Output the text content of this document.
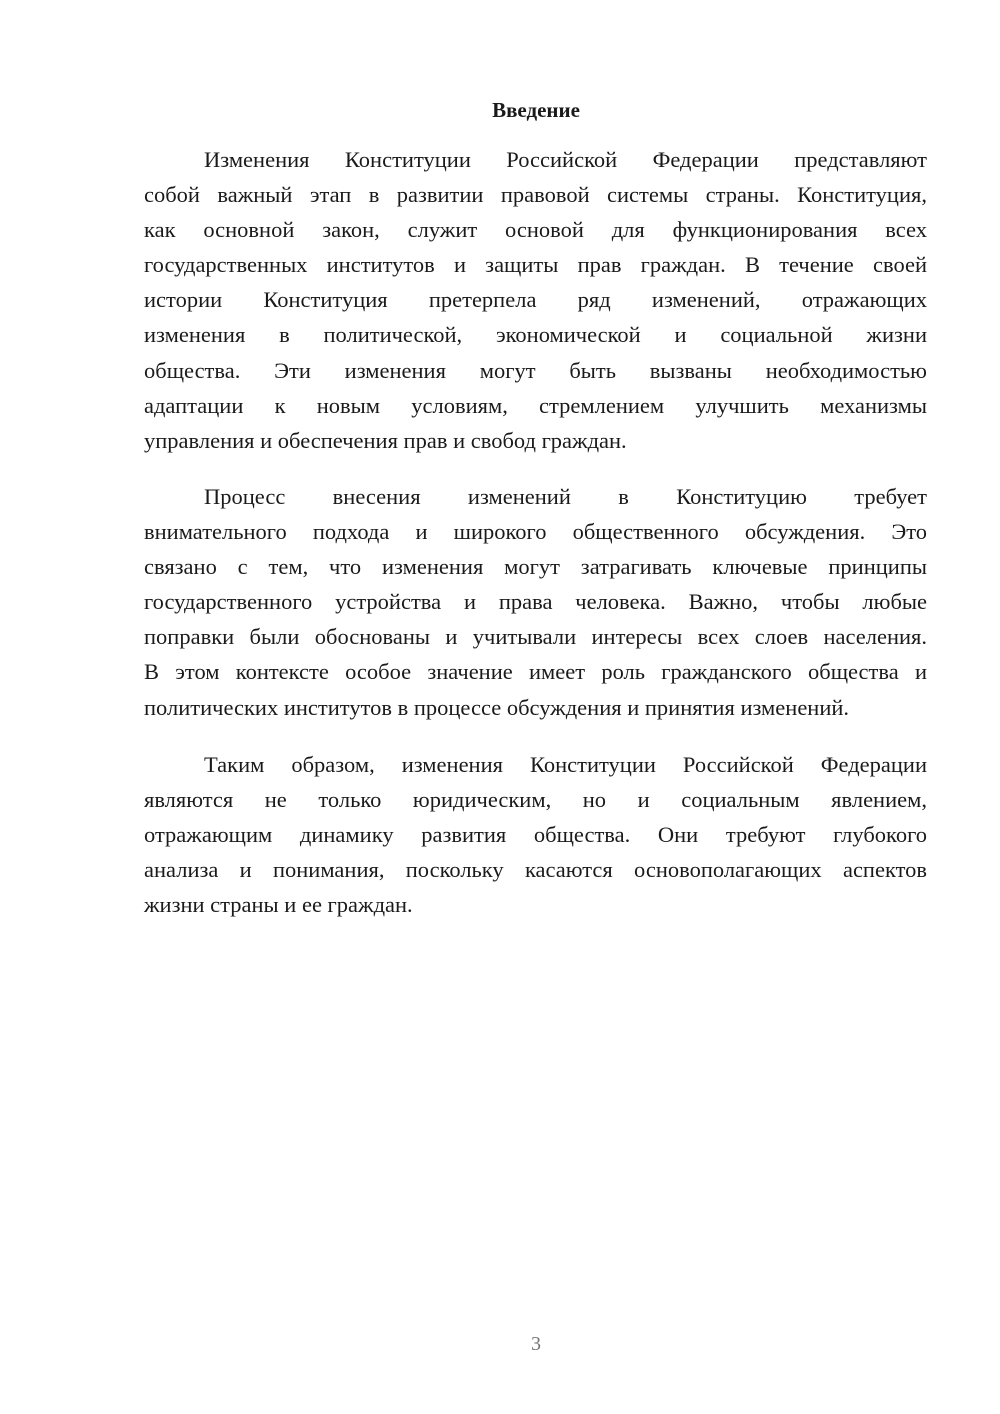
Введение
Изменения Конституции Российской Федерации представляют
собой важный этап в развитии правовой системы страны. Конституция,
как основной закон, служит основой для функционирования всех
государственных институтов и защиты прав граждан. В течение своей
истории Конституция претерпела ряд изменений, отражающих
изменения в политической, экономической и социальной жизни
общества. Эти изменения могут быть вызваны необходимостью
адаптации к новым условиям, стремлением улучшить механизмы
управления и обеспечения прав и свобод граждан.
Процесс внесения изменений в Конституцию требует
внимательного подхода и широкого общественного обсуждения. Это
связано с тем, что изменения могут затрагивать ключевые принципы
государственного устройства и права человека. Важно, чтобы любые
поправки были обоснованы и учитывали интересы всех слоев населения.
В этом контексте особое значение имеет роль гражданского общества и
политических институтов в процессе обсуждения и принятия изменений.
Таким образом, изменения Конституции Российской Федерации
являются не только юридическим, но и социальным явлением,
отражающим динамику развития общества. Они требуют глубокого
анализа и понимания, поскольку касаются основополагающих аспектов
жизни страны и ее граждан.
3
